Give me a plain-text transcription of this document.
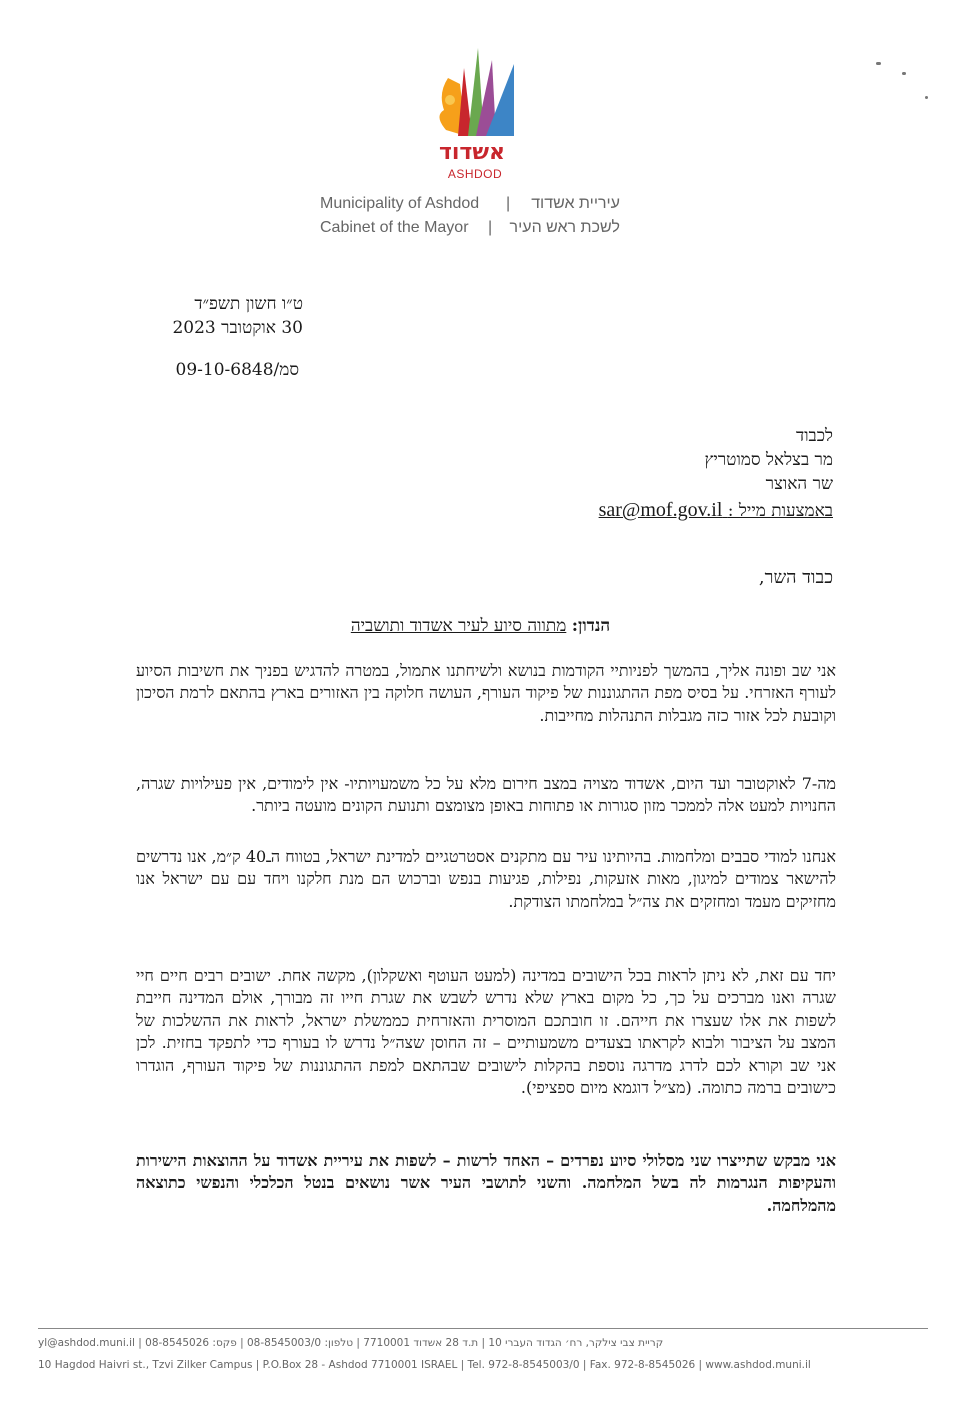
אשדוד
ASHDOD
Municipality of Ashdod | עיריית אשדוד
Cabinet of the Mayor | לשכת ראש העיר
ט״ו חשון תשפ״ד
30 אוקטובר 2023
סמ/09-10-6848
לכבוד
מר בצלאל סמוטריץ
שר האוצר
באמצעות מייל : sar@mof.gov.il
כבוד השר,
הנדון: מתווה סיוע לעיר אשדוד ותושביה
אני שב ופונה אליך, בהמשך לפניותיי הקודמות בנושא ולשיחתנו אתמול, במטרה להדגיש בפניך את חשיבות הסיוע לעורף האזרחי. על בסיס מפת ההתגוננות של פיקוד העורף, העושה חלוקה בין האזורים בארץ בהתאם לרמת הסיכון וקובעת לכל אזור כזה מגבלות התנהלות מחייבות.
מה-7 לאוקטובר ועד היום, אשדוד מצויה במצב חירום מלא על כל משמעויותיו- אין לימודים, אין פעילויות שגרה, החנויות למעט אלה לממכר מזון סגורות או פתוחות באופן מצומצם ותנועת הקונים מועטה ביותר.
אנחנו למודי סבבים ומלחמות. בהיותינו עיר עם מתקנים אסטרטגיים למדינת ישראל, בטווח הـ40 ק״מ, אנו נדרשים להישאר צמודים למיגון, מאות אזעקות, נפילות, פגיעות בנפש וברכוש הם מנת חלקנו ויחד עם עם ישראל אנו מחזיקים מעמד ומחזקים את צה״ל במלחמתו הצודקת.
יחד עם זאת, לא ניתן לראות בכל הישובים במדינה (למעט העוטף ואשקלון), מקשה אחת. ישובים רבים חיים חיי שגרה ואנו מברכים על כך, כל מקום בארץ שלא נדרש לשבש את שגרת חייו זה מבורך, אולם המדינה חייבת לשפות את אלו שעצרו את חייהם. זו חובתכם המוסרית והאזרחית כממשלת ישראל, לראות את ההשלכות של המצב על הציבור ולבוא לקראתו בצעדים משמעותיים – זה החוסן שצה״ל נדרש לו בעורף כדי לתפקד בחזית. לכן אני שב וקורא לכם לדרג מדרגה נוספת בהקלות לישובים שבהתאם למפת ההתגוננות של פיקוד העורף, הוגדרו כישובים ברמה כתומה. (מצ״ל דוגמא מיום ספציפי).
אני מבקש שתייצרו שני מסלולי סיוע נפרדים – האחד לרשות – לשפות את עיריית אשדוד על ההוצאות הישירות והעקיפות הנגרמות לה בשל המלחמה. והשני לתושבי העיר אשר נושאים בנטל הכלכלי והנפשי כתוצאה מהמלחמה.
קריית צבי צילקר, רח׳ הגדוד העברי 10 | ת.ד 28 אשדוד 7710001 | טלפון: 08-8545003/0 | פקס: 08-8545026 | yl@ashdod.muni.il
10 Hagdod Haivri st., Tzvi Zilker Campus | P.O.Box 28 - Ashdod 7710001 ISRAEL | Tel. 972-8-8545003/0 | Fax. 972-8-8545026 | www.ashdod.muni.il
